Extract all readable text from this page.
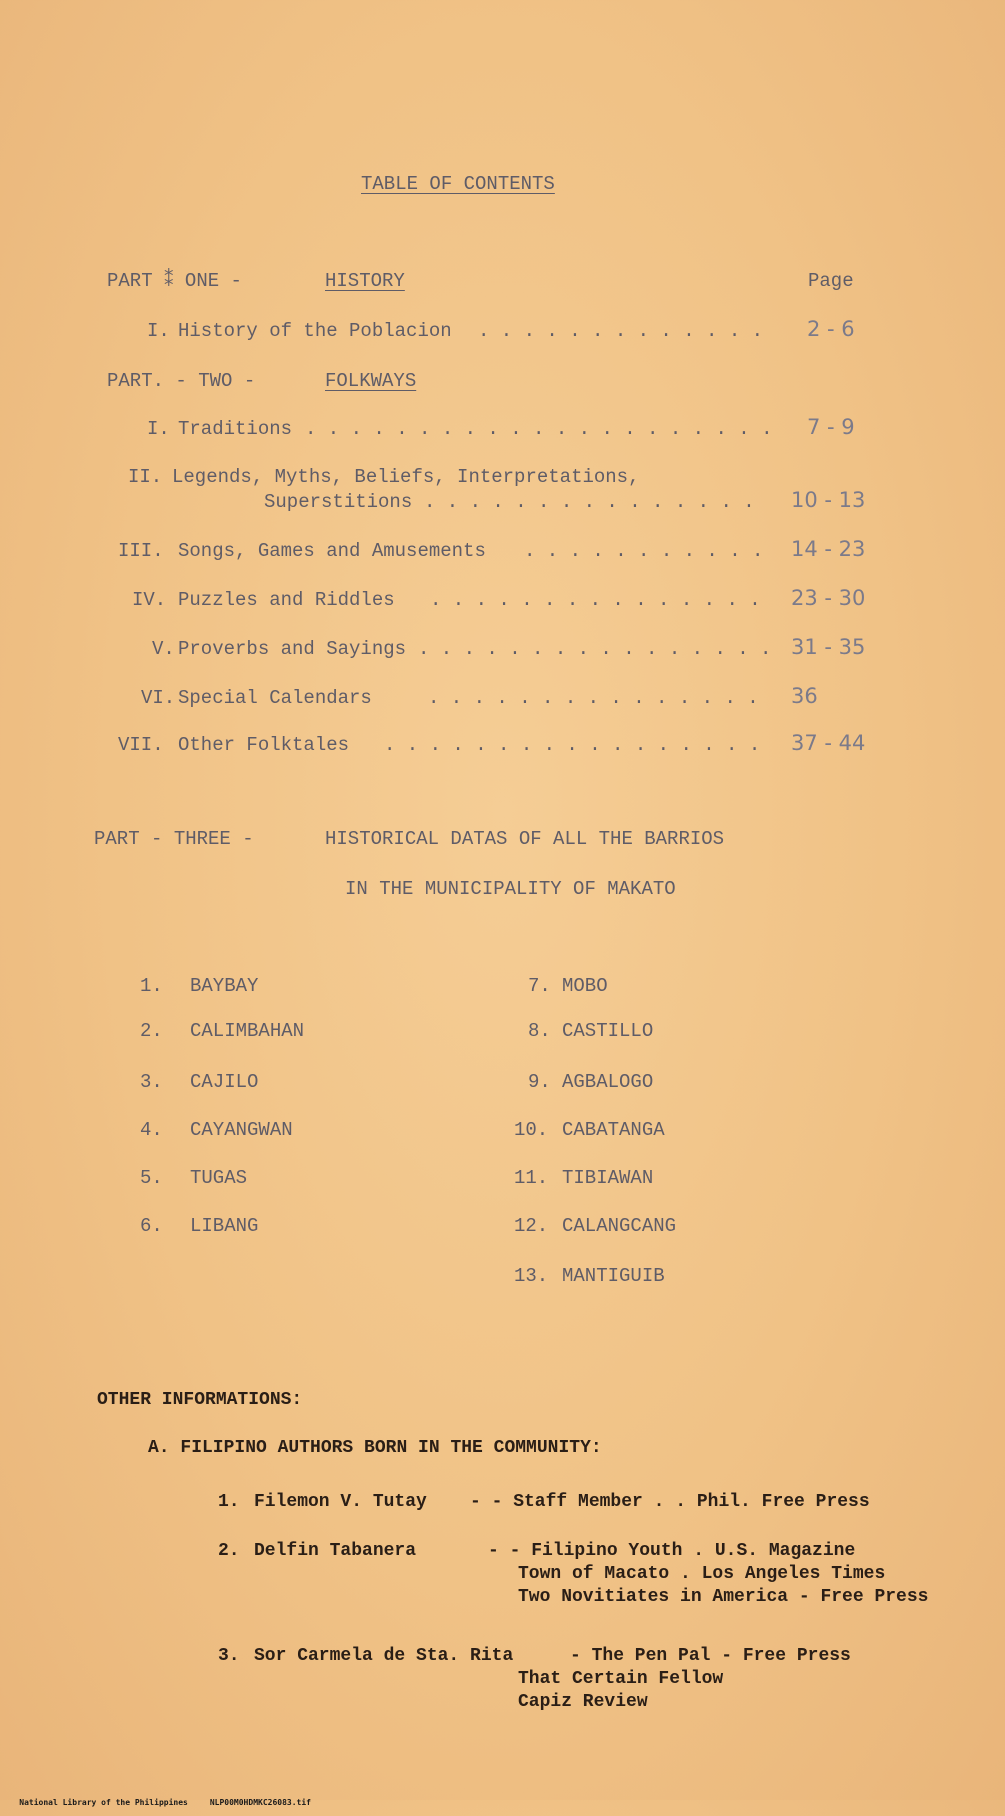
TABLE OF CONTENTS
PART ⁑ ONE -	HISTORY	Page
I. History of the Poblacion . . . . . . . . . . . . . 2 - 6
PART. - TWO -	FOLKWAYS
I. Traditions . . . . . . . . . . . . . . . . . . . . . 7 - 9
II. Legends, Myths, Beliefs, Interpretations,
Superstitions . . . . . . . . . . . . . . . 10 - 13
III. Songs, Games and Amusements . . . . . . . . . . . 14 - 23
IV. Puzzles and Riddles . . . . . . . . . . . . . . . 23 - 30
V. Proverbs and Sayings . . . . . . . . . . . . . . . . 31 - 35
VI. Special Calendars	. . . . . . . . . . . . . . . 36
VII. Other Folktales . . . . . . . . . . . . . . . . . 37 - 44
PART - THREE -	HISTORICAL DATAS OF ALL THE BARRIOS
IN THE MUNICIPALITY OF MAKATO
1. BAYBAY
2. CALIMBAHAN
3. CAJILO
4. CAYANGWAN
5. TUGAS
6. LIBANG
7. MOBO
8. CASTILLO
9. AGBALOGO
10. CABATANGA
11. TIBIAWAN
12. CALANGCANG
13. MANTIGUIB
OTHER INFORMATIONS:
A. FILIPINO AUTHORS BORN IN THE COMMUNITY:
1. Filemon V. Tutay - - Staff Member . . Phil. Free Press
2. Delfin Tabanera	- - Filipino Youth . U.S. Magazine
Town of Macato . Los Angeles Times
Two Novitiates in America - Free Press
3. Sor Carmela de Sta. Rita	- The Pen Pal - Free Press
That Certain Fellow
Capiz Review

National Library of the Philippines	NLP00M0HDMKC26083.tif
